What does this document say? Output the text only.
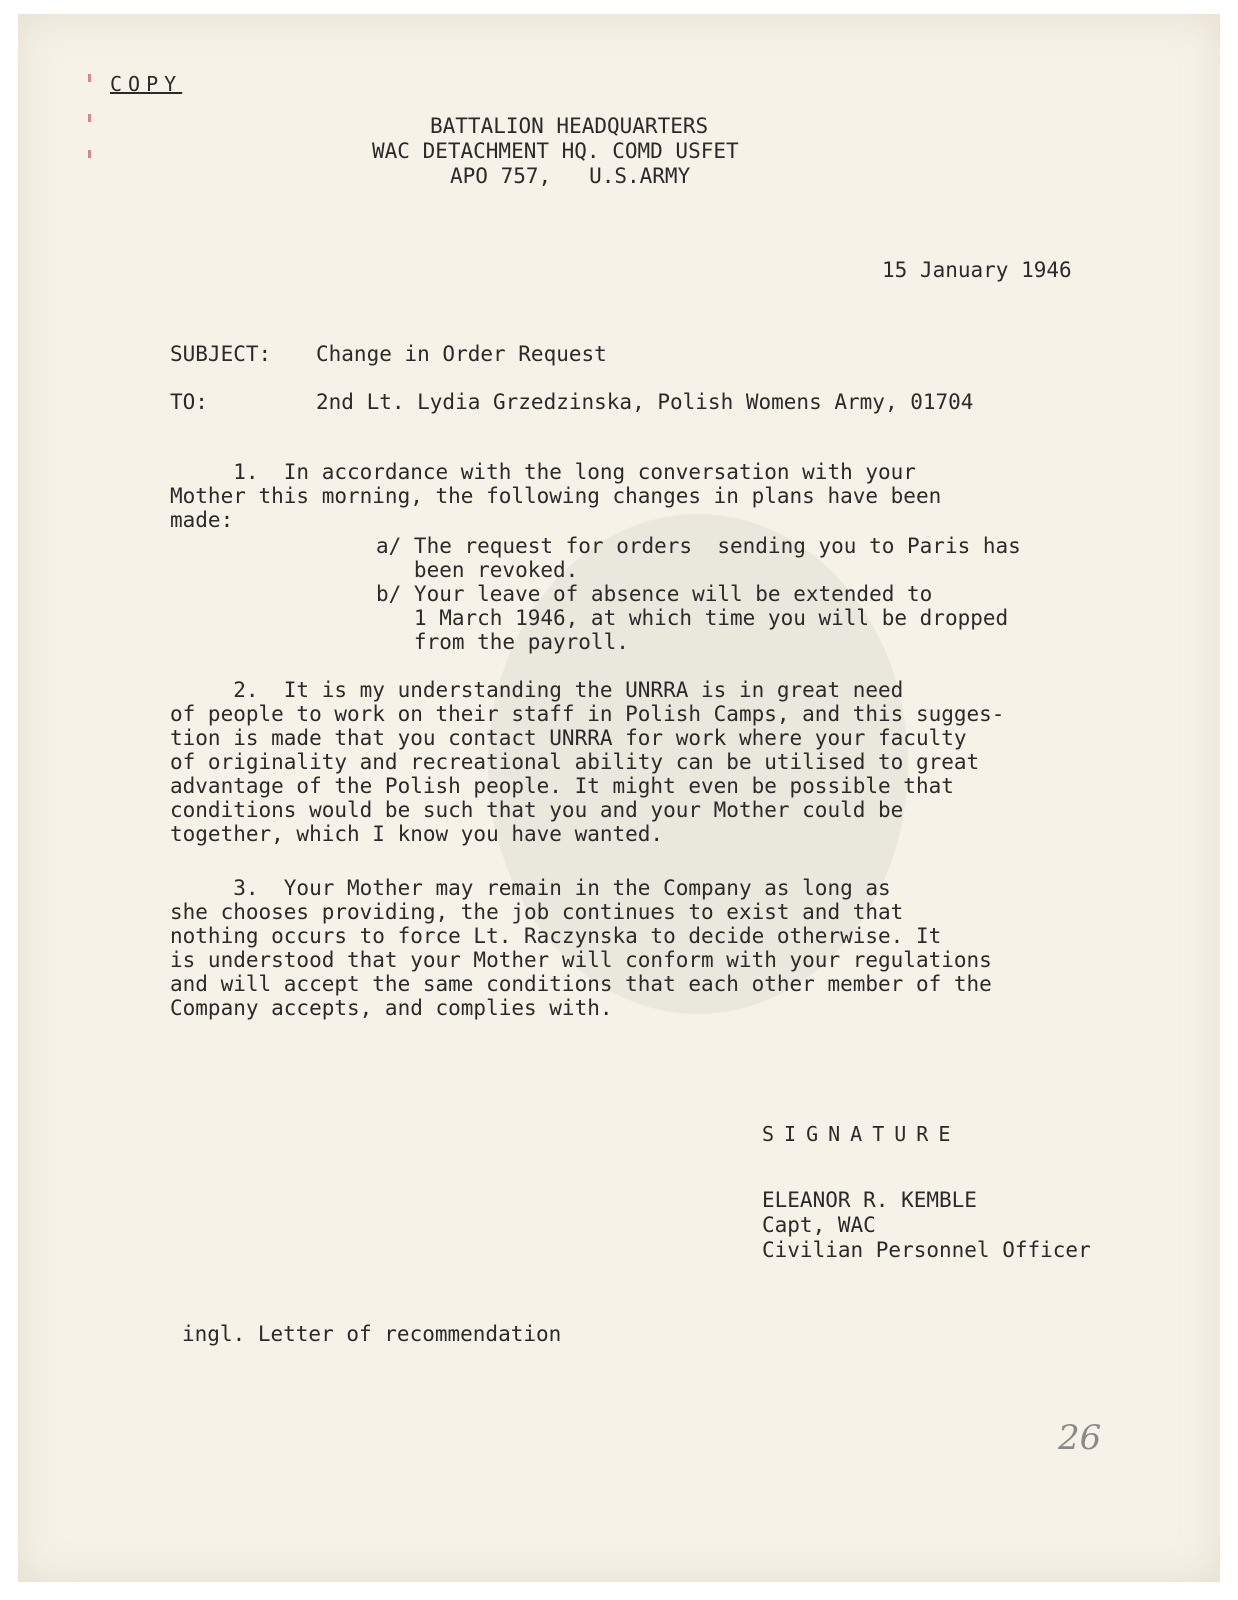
COPY
BATTALION HEADQUARTERS
WAC DETACHMENT HQ. COMD USFET
APO 757,   U.S.ARMY
15 January 1946
SUBJECT: Change in Order Request
TO:	2nd Lt. Lydia Grzedzinska, Polish Womens Army, 01704
1.  In accordance with the long conversation with your
Mother this morning, the following changes in plans have been
made:
a/ The request for orders  sending you to Paris has
been revoked.
b/ Your leave of absence will be extended to
1 March 1946, at which time you will be dropped
from the payroll.
2.  It is my understanding the UNRRA is in great need
of people to work on their staff in Polish Camps, and this sugges-
tion is made that you contact UNRRA for work where your faculty
of originality and recreational ability can be utilised to great
advantage of the Polish people. It might even be possible that
conditions would be such that you and your Mother could be
together, which I know you have wanted.
3.  Your Mother may remain in the Company as long as
she chooses providing, the job continues to exist and that
nothing occurs to force Lt. Raczynska to decide otherwise. It
is understood that your Mother will conform with your regulations
and will accept the same conditions that each other member of the
Company accepts, and complies with.
SIGNATURE
ELEANOR R. KEMBLE
Capt, WAC
Civilian Personnel Officer
ingl. Letter of recommendation
26
